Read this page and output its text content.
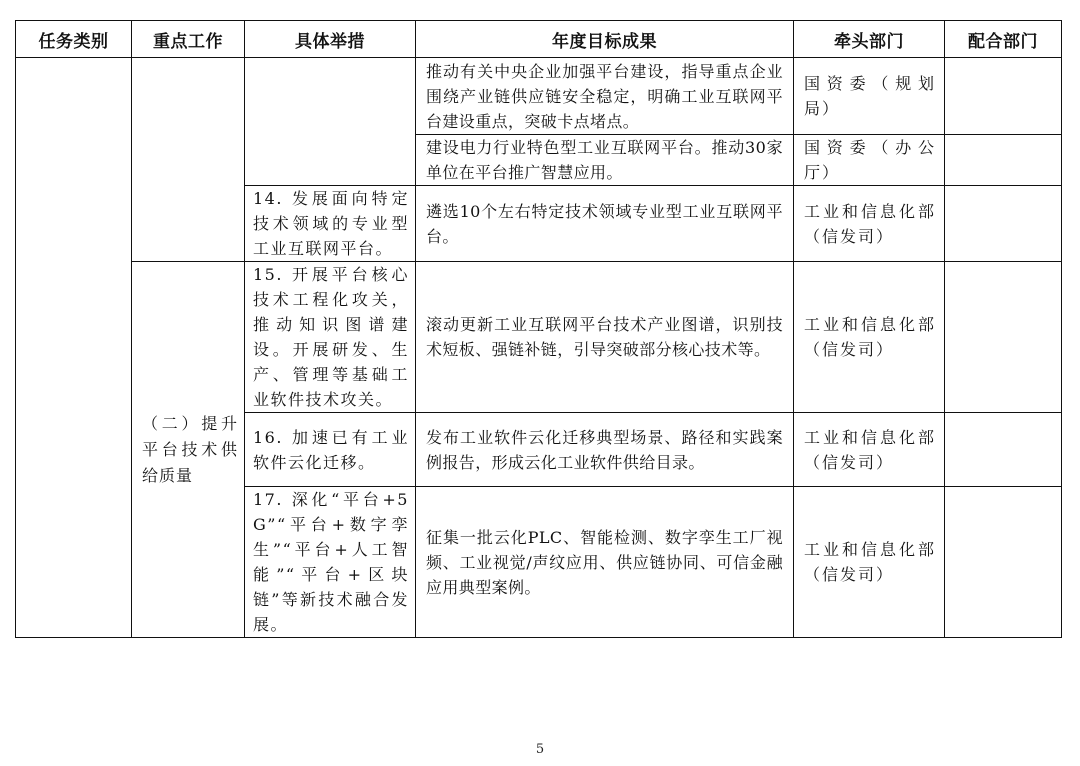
任务类别	重点工作	具体举措	年度目标成果	牵头部门	配合部门

			推动有关中央企业加强平台建设，指导重点企业围绕产业链供应链安全稳定，明确工业互联网平台建设重点，突破卡点堵点。	国资委（规划局）	

			建设电力行业特色型工业互联网平台。推动30家单位在平台推广智慧应用。	国资委（办公厅）	

		14. 发展面向特定技术领域的专业型工业互联网平台。	遴选10个左右特定技术领域专业型工业互联网平台。	工业和信息化部（信发司）	

	（二）提升平台技术供给质量	15. 开展平台核心技术工程化攻关，推动知识图谱建设。开展研发、生产、管理等基础工业软件技术攻关。	滚动更新工业互联网平台技术产业图谱，识别技术短板、强链补链，引导突破部分核心技术等。	工业和信息化部（信发司）	

		16. 加速已有工业软件云化迁移。	发布工业软件云化迁移典型场景、路径和实践案例报告，形成云化工业软件供给目录。	工业和信息化部（信发司）	

		17. 深化“平台+5G”“平台+数字孪生”“平台+人工智能”“平台+区块链”等新技术融合发展。	征集一批云化PLC、智能检测、数字孪生工厂视频、工业视觉/声纹应用、供应链协同、可信金融应用典型案例。	工业和信息化部（信发司）	

5
